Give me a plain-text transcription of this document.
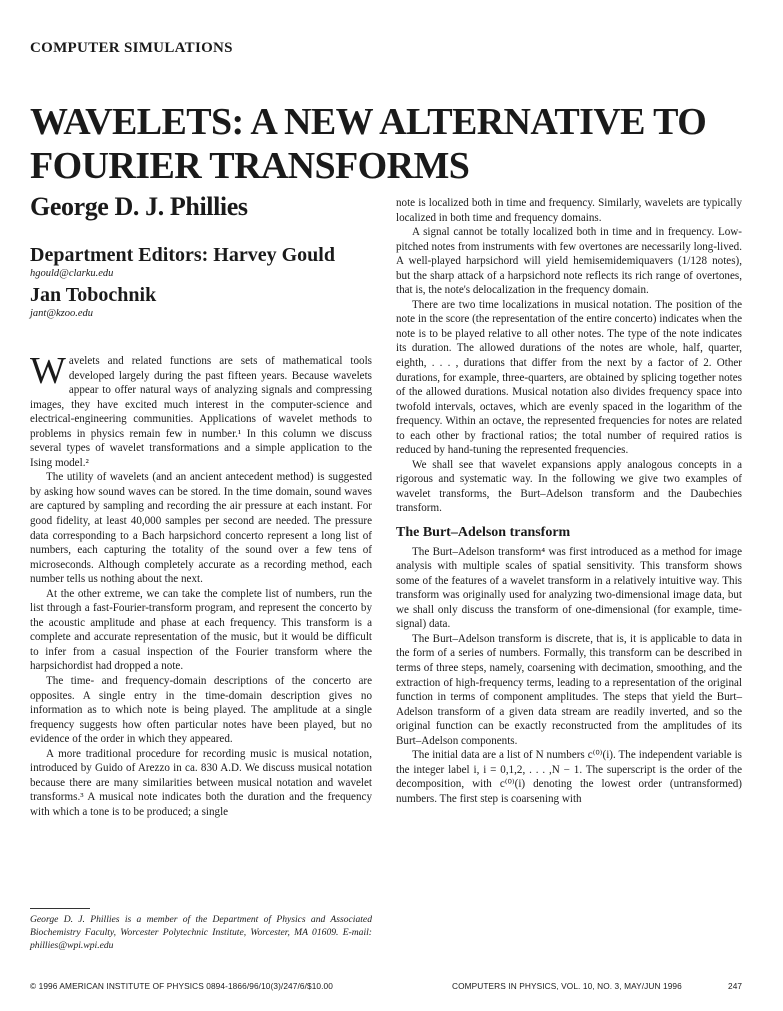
COMPUTER SIMULATIONS
WAVELETS: A NEW ALTERNATIVE TO FOURIER TRANSFORMS
George D. J. Phillies
Department Editors: Harvey Gould
hgould@clarku.edu
Jan Tobochnik
jant@kzoo.edu

Wavelets and related functions are sets of mathematical tools developed largely during the past fifteen years. Because wavelets appear to offer natural ways of analyzing signals and compressing images, they have excited much interest in the computer-science and electrical-engineering communities. Applications of wavelet methods to problems in physics remain few in number.¹ In this column we discuss several types of wavelet transformations and a simple application to the Ising model.²

The utility of wavelets (and an ancient antecedent method) is suggested by asking how sound waves can be stored. In the time domain, sound waves are captured by sampling and recording the air pressure at each instant. For good fidelity, at least 40,000 samples per second are needed. The pressure data corresponding to a Bach harpsichord concerto represent a long list of numbers, each capturing the totality of the sound over a few tens of microseconds. Although completely accurate as a recording method, each number tells us nothing about the next.

At the other extreme, we can take the complete list of numbers, run the list through a fast-Fourier-transform program, and represent the concerto by the acoustic amplitude and phase at each frequency. This transform is a complete and accurate representation of the music, but it would be difficult to infer from a casual inspection of the Fourier transform where the harpsichordist had dropped a note.

The time- and frequency-domain descriptions of the concerto are opposites. A single entry in the time-domain description gives no information as to which note is being played. The amplitude at a single frequency suggests how often particular notes have been played, but no evidence of the order in which they appeared.

A more traditional procedure for recording music is musical notation, introduced by Guido of Arezzo in ca. 830 A.D. We discuss musical notation because there are many similarities between musical notation and wavelet transforms.³ A musical note indicates both the duration and the frequency with which a tone is to be produced; a single

George D. J. Phillies is a member of the Department of Physics and Associated Biochemistry Faculty, Worcester Polytechnic Institute, Worcester, MA 01609. E-mail: phillies@wpi.wpi.edu

note is localized both in time and frequency. Similarly, wavelets are typically localized in both time and frequency domains.

A signal cannot be totally localized both in time and in frequency. Low-pitched notes from instruments with few overtones are necessarily long-lived. A well-played harpsichord will yield hemisemidemiquavers (1/128 notes), but the sharp attack of a harpsichord note reflects its rich range of overtones, that is, the note's delocalization in the frequency domain.

There are two time localizations in musical notation. The position of the note in the score (the representation of the entire concerto) indicates when the note is to be played relative to all other notes. The type of the note indicates its duration. The allowed durations of the notes are whole, half, quarter, eighth, . . . , durations that differ from the next by a factor of 2. Other durations, for example, three-quarters, are obtained by splicing together notes of the allowed durations. Musical notation also divides frequency space into twofold intervals, octaves, which are evenly spaced in the logarithm of the frequency. Within an octave, the represented frequencies for notes are related to each other by fractional ratios; the total number of required ratios is reduced by hand-tuning the represented frequencies.

We shall see that wavelet expansions apply analogous concepts in a rigorous and systematic way. In the following we give two examples of wavelet transforms, the Burt–Adelson transform and the Daubechies transform.

The Burt–Adelson transform

The Burt–Adelson transform⁴ was first introduced as a method for image analysis with multiple scales of spatial sensitivity. This transform shows some of the features of a wavelet transform in a relatively intuitive way. This transform was originally used for analyzing two-dimensional image data, but we shall only discuss the transform of one-dimensional (for example, time-signal) data.

The Burt–Adelson transform is discrete, that is, it is applicable to data in the form of a series of numbers. Formally, this transform can be described in terms of three steps, namely, coarsening with decimation, smoothing, and the extraction of high-frequency terms, leading to a representation of the original function in terms of component amplitudes. The steps that yield the Burt–Adelson transform of a given data stream are readily inverted, and so the original function can be exactly reconstructed from the amplitudes of its Burt–Adelson components.

The initial data are a list of N numbers c⁽⁰⁾(i). The independent variable is the integer label i, i = 0,1,2, . . . ,N − 1. The superscript is the order of the decomposition, with c⁽⁰⁾(i) denoting the lowest order (untransformed) numbers. The first step is coarsening with

© 1996 AMERICAN INSTITUTE OF PHYSICS 0894-1866/96/10(3)/247/6/$10.00	COMPUTERS IN PHYSICS, VOL. 10, NO. 3, MAY/JUN 1996	247
